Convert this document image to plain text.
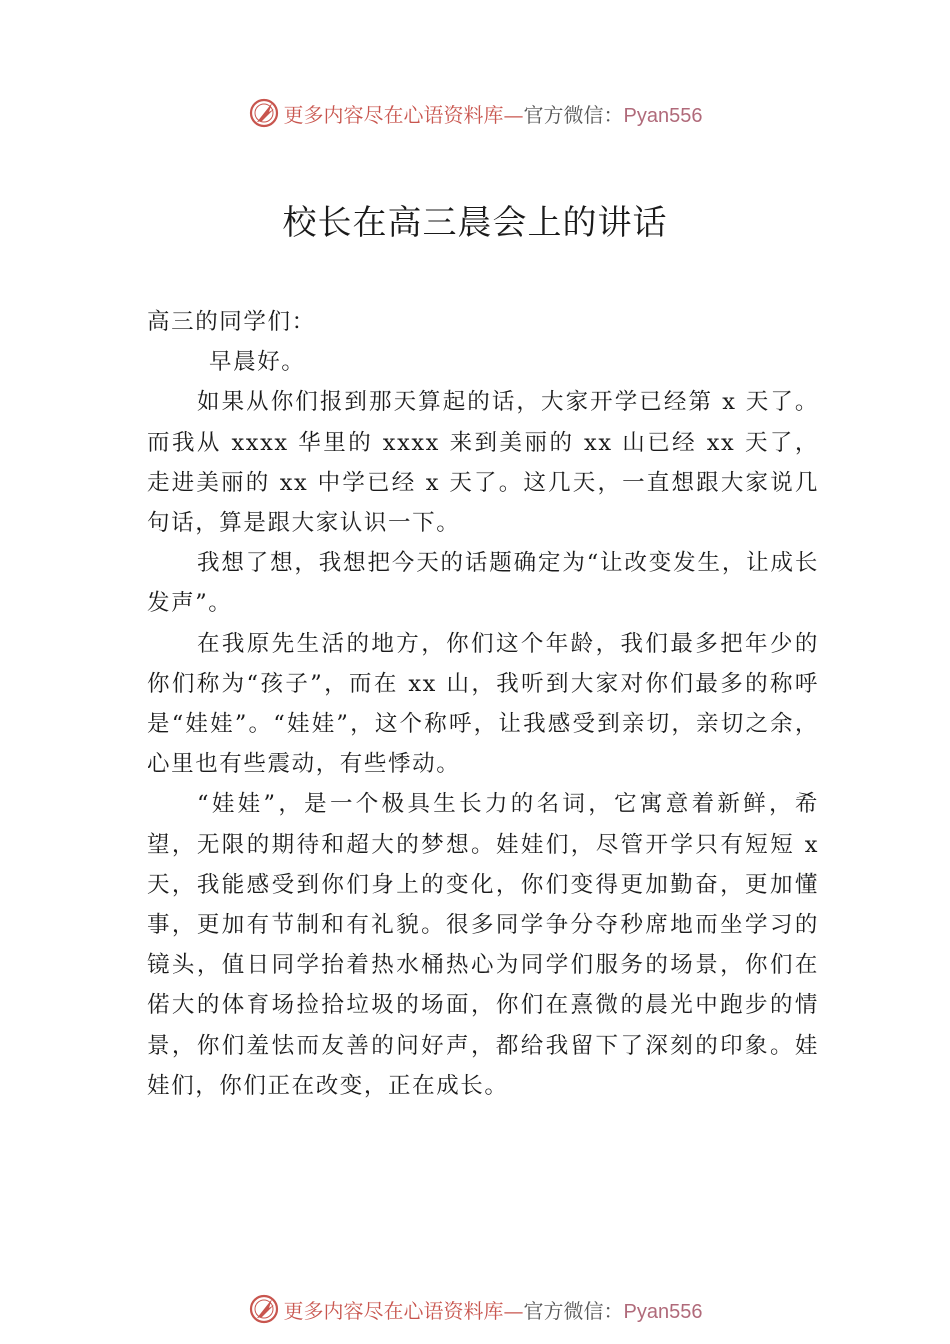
更多内容尽在心语资料库—官方微信：Pyan556
校长在高三晨会上的讲话

高三的同学们：

早晨好。

如果从你们报到那天算起的话，大家开学已经第 x 天了。而我从 xxxx 华里的 xxxx 来到美丽的 xx 山已经 xx 天了，走进美丽的 xx 中学已经 x 天了。这几天，一直想跟大家说几句话，算是跟大家认识一下。

我想了想，我想把今天的话题确定为“让改变发生，让成长发声”。

在我原先生活的地方，你们这个年龄，我们最多把年少的你们称为“孩子”，而在 xx 山，我听到大家对你们最多的称呼是“娃娃”。“娃娃”，这个称呼，让我感受到亲切，亲切之余，心里也有些震动，有些悸动。

“娃娃”，是一个极具生长力的名词，它寓意着新鲜，希望，无限的期待和超大的梦想。娃娃们，尽管开学只有短短 x 天，我能感受到你们身上的变化，你们变得更加勤奋，更加懂事，更加有节制和有礼貌。很多同学争分夺秒席地而坐学习的镜头，值日同学抬着热水桶热心为同学们服务的场景，你们在偌大的体育场捡拾垃圾的场面，你们在熹微的晨光中跑步的情景，你们羞怯而友善的问好声，都给我留下了深刻的印象。娃娃们，你们正在改变，正在成长。

更多内容尽在心语资料库—官方微信：Pyan556
